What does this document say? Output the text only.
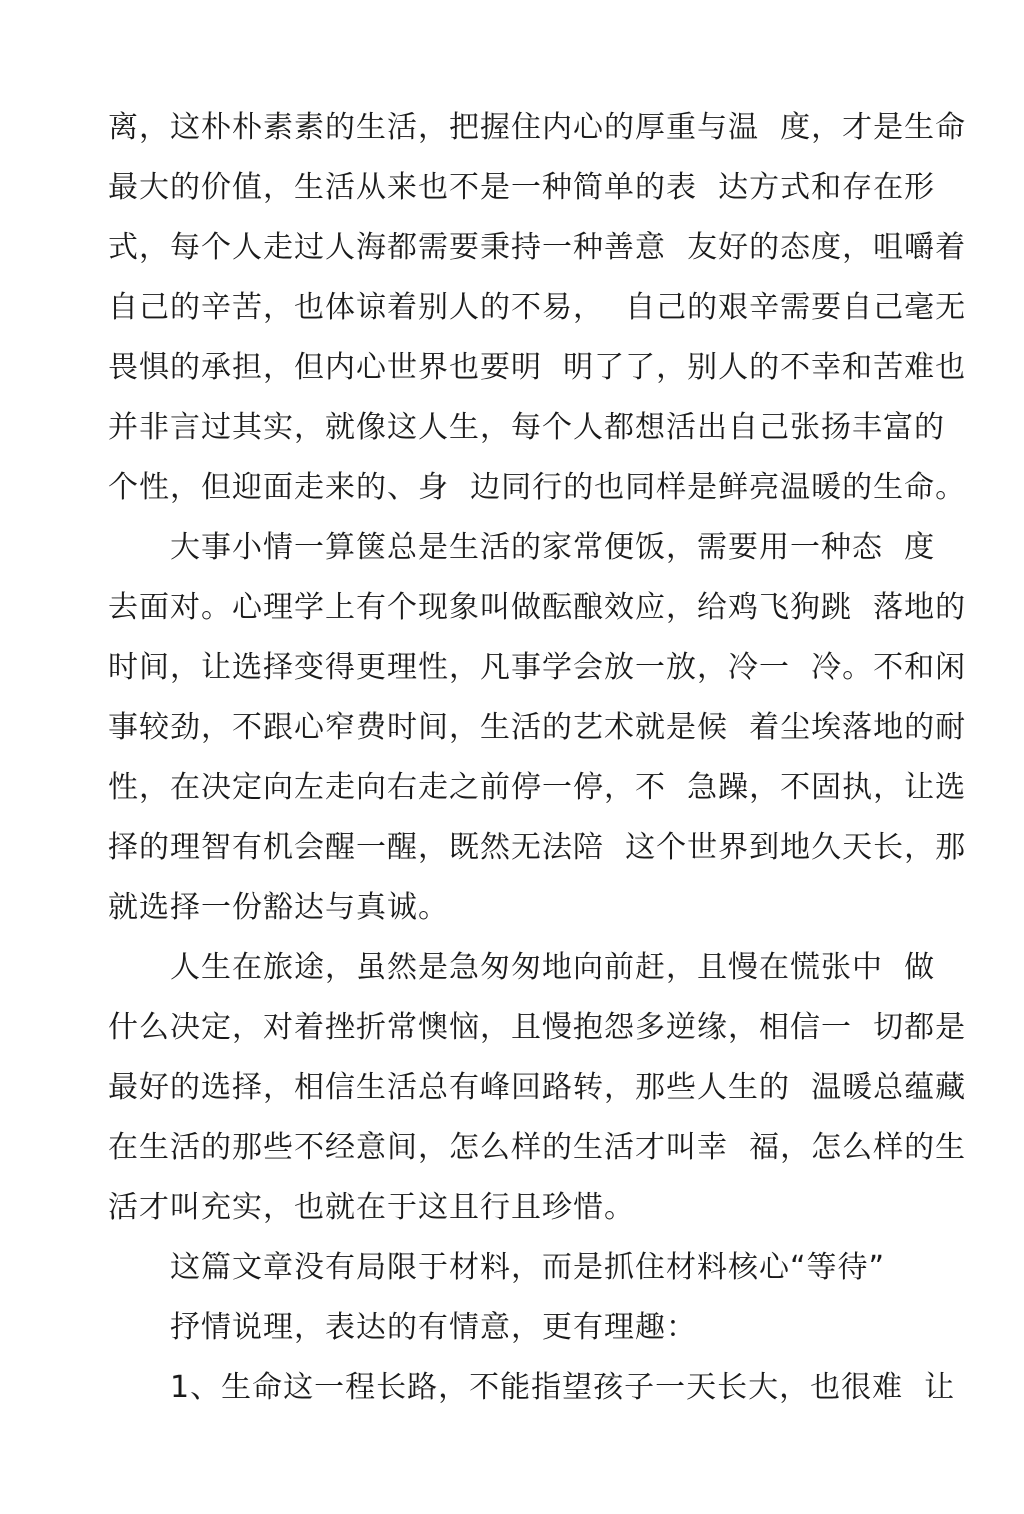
离，这朴朴素素的生活，把握住内心的厚重与温  度，才是生命
最大的价值，生活从来也不是一种简单的表  达方式和存在形
式，每个人走过人海都需要秉持一种善意  友好的态度，咀嚼着
自己的辛苦，也体谅着别人的不易，  自己的艰辛需要自己毫无
畏惧的承担，但内心世界也要明  明了了，别人的不幸和苦难也
并非言过其实，就像这人生，每个人都想活出自己张扬丰富的
个性，但迎面走来的、身  边同行的也同样是鲜亮温暖的生命。
大事小情一算箧总是生活的家常便饭，需要用一种态  度
去面对。心理学上有个现象叫做酝酿效应，给鸡飞狗跳  落地的
时间，让选择变得更理性，凡事学会放一放，冷一  冷。不和闲
事较劲，不跟心窄费时间，生活的艺术就是候  着尘埃落地的耐
性，在决定向左走向右走之前停一停，不  急躁，不固执，让选
择的理智有机会醒一醒，既然无法陪  这个世界到地久天长，那
就选择一份豁达与真诚。
人生在旅途，虽然是急匆匆地向前赶，且慢在慌张中  做
什么决定，对着挫折常懊恼，且慢抱怨多逆缘，相信一  切都是
最好的选择，相信生活总有峰回路转，那些人生的  温暖总蕴藏
在生活的那些不经意间，怎么样的生活才叫幸  福，怎么样的生
活才叫充实，也就在于这且行且珍惜。
这篇文章没有局限于材料，而是抓住材料核心“等待”
抒情说理，表达的有情意，更有理趣：
1、生命这一程长路，不能指望孩子一天长大，也很难  让
